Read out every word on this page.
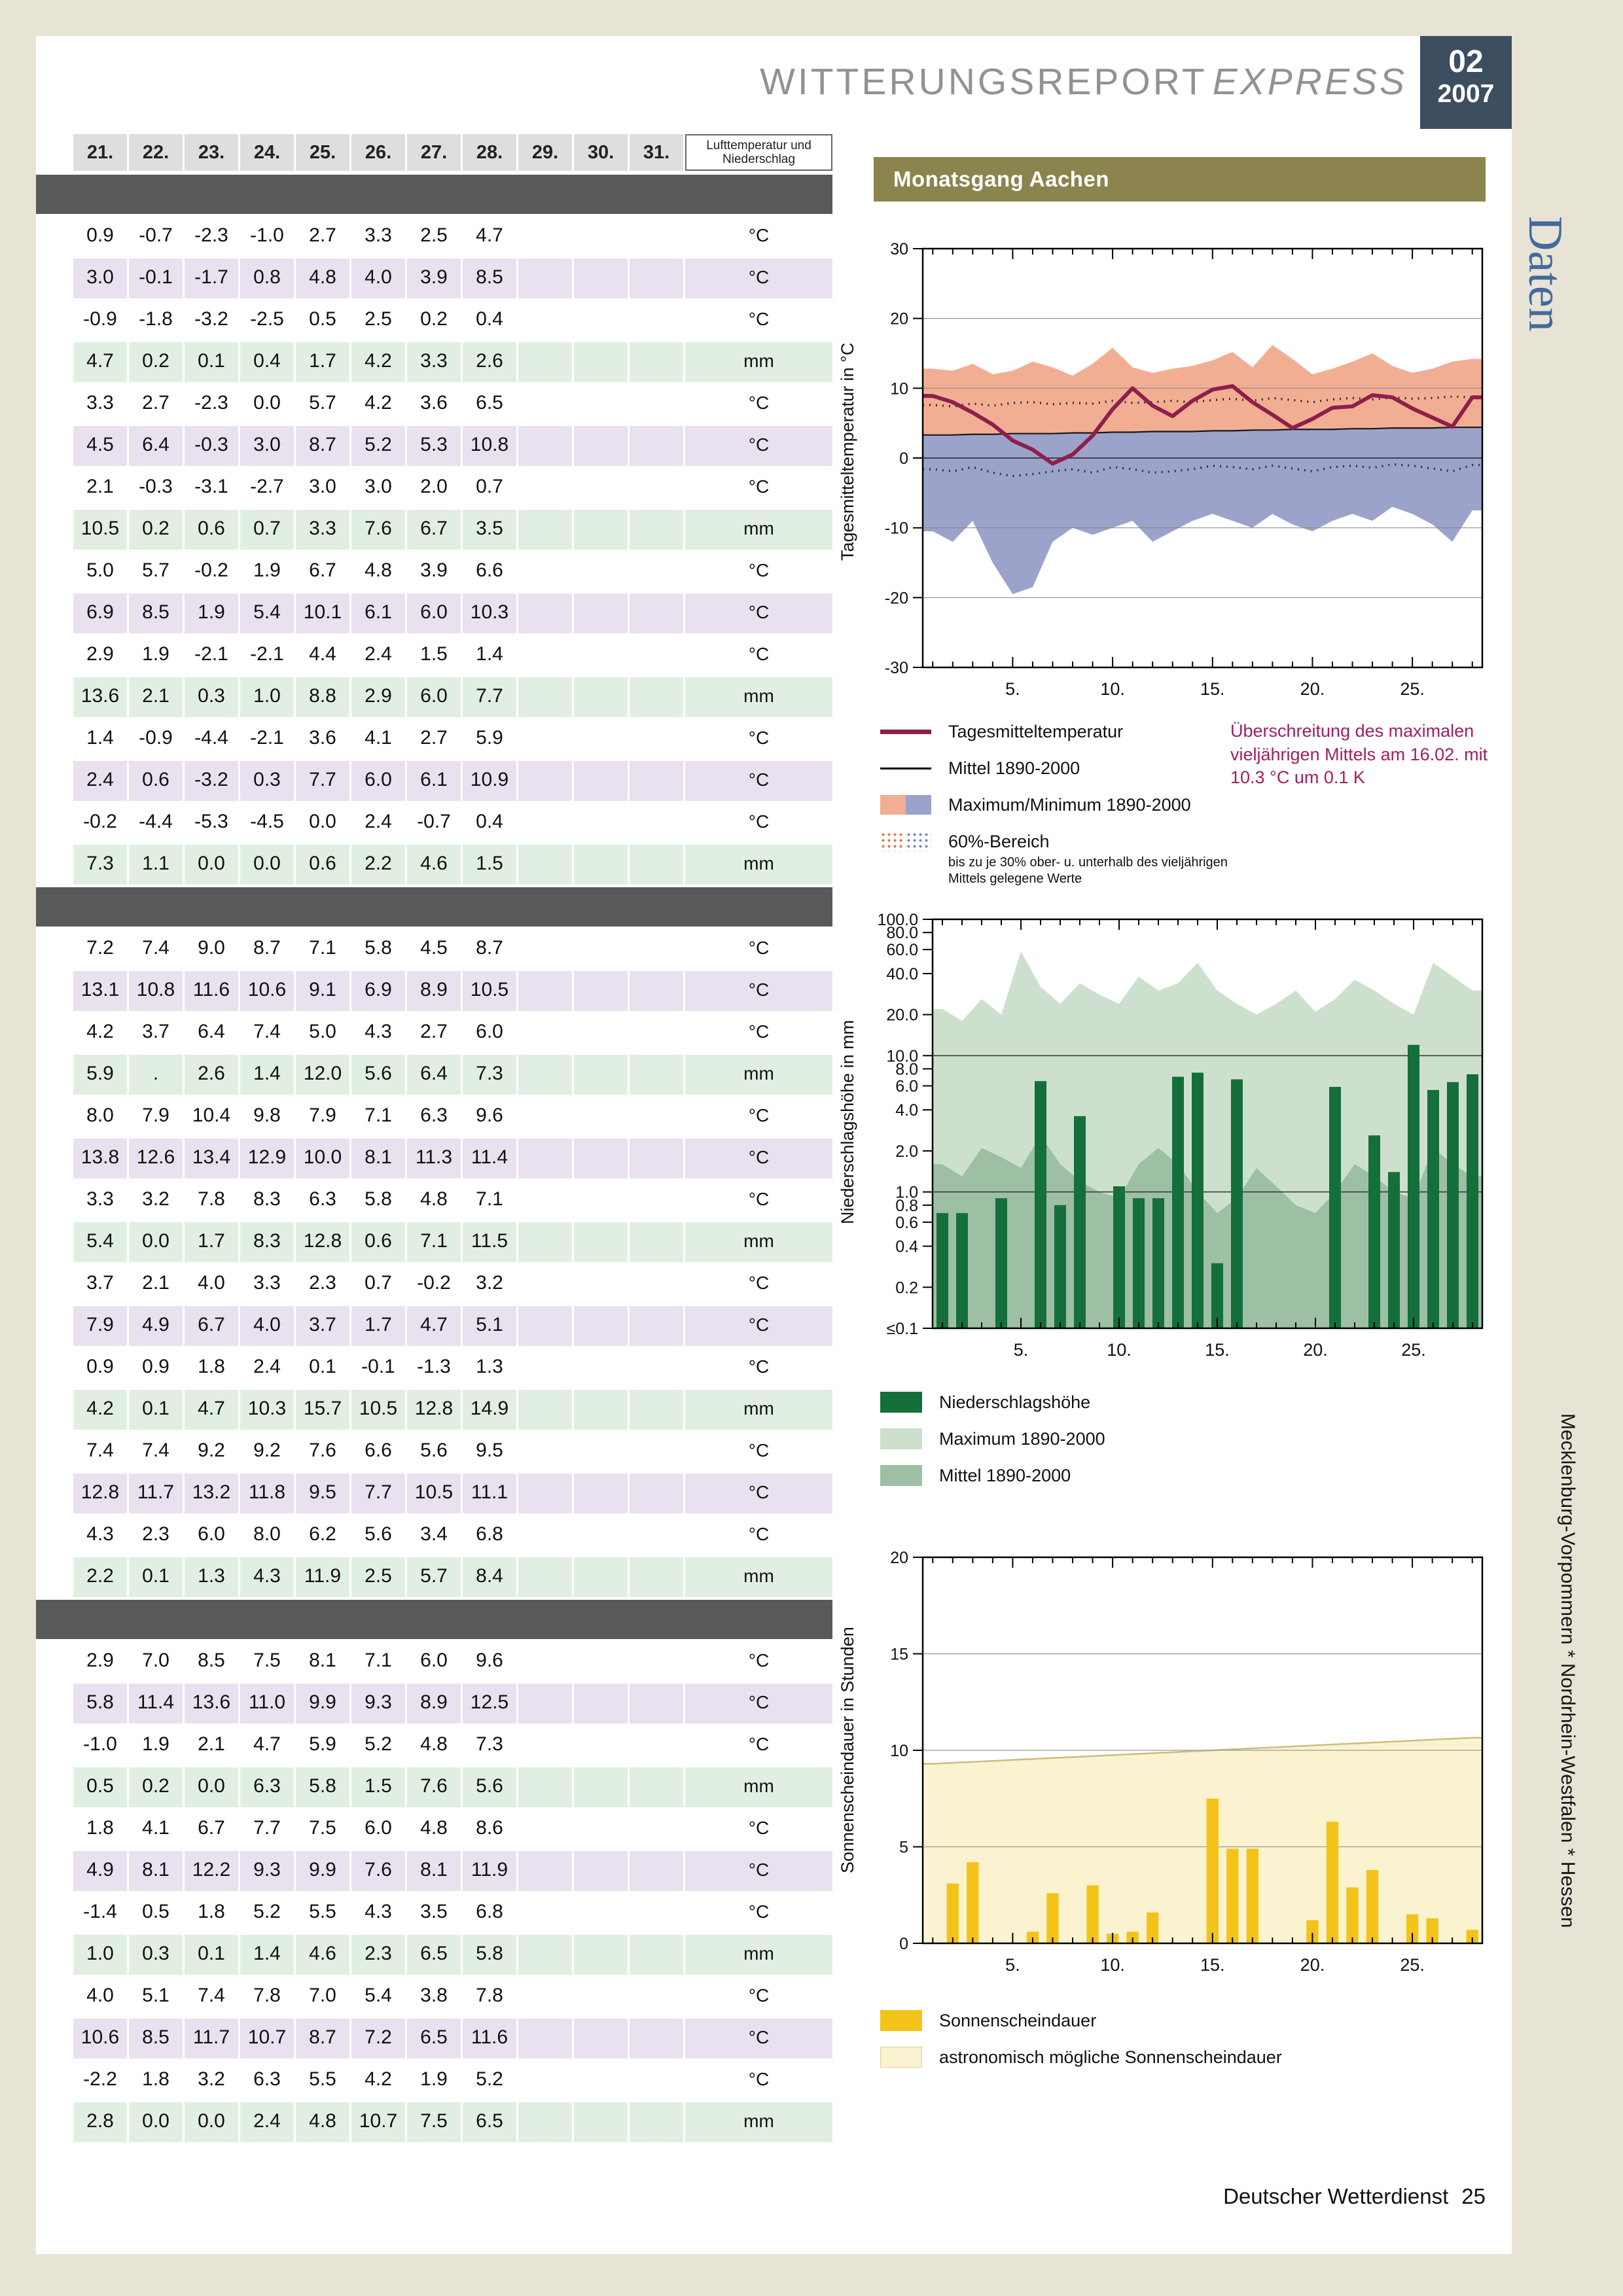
WITTERUNGSREPORT EXPRESS	02
2007
21.	22.	23.	24.	25.	26.	27.	28.	29.	30.	31.	Lufttemperatur und Niederschlag
0.9	-0.7	-2.3	-1.0	2.7	3.3	2.5	4.7	°C
3.0	-0.1	-1.7	0.8	4.8	4.0	3.9	8.5	°C
-0.9	-1.8	-3.2	-2.5	0.5	2.5	0.2	0.4	°C
4.7	0.2	0.1	0.4	1.7	4.2	3.3	2.6	mm
3.3	2.7	-2.3	0.0	5.7	4.2	3.6	6.5	°C
4.5	6.4	-0.3	3.0	8.7	5.2	5.3	10.8	°C
2.1	-0.3	-3.1	-2.7	3.0	3.0	2.0	0.7	°C
10.5	0.2	0.6	0.7	3.3	7.6	6.7	3.5	mm
5.0	5.7	-0.2	1.9	6.7	4.8	3.9	6.6	°C
6.9	8.5	1.9	5.4	10.1	6.1	6.0	10.3	°C
2.9	1.9	-2.1	-2.1	4.4	2.4	1.5	1.4	°C
13.6	2.1	0.3	1.0	8.8	2.9	6.0	7.7	mm
1.4	-0.9	-4.4	-2.1	3.6	4.1	2.7	5.9	°C
2.4	0.6	-3.2	0.3	7.7	6.0	6.1	10.9	°C
-0.2	-4.4	-5.3	-4.5	0.0	2.4	-0.7	0.4	°C
7.3	1.1	0.0	0.0	0.6	2.2	4.6	1.5	mm
7.2	7.4	9.0	8.7	7.1	5.8	4.5	8.7	°C
13.1 10.8 11.6 10.6	9.1	6.9	8.9	10.5	°C
4.2	3.7	6.4	7.4	5.0	4.3	2.7	6.0	°C
5.9	.	2.6	1.4	12.0	5.6	6.4	7.3	mm
8.0	7.9	10.4	9.8	7.9	7.1	6.3	9.6	°C
13.8 12.6 13.4 12.9 10.0	8.1	11.3 11.4	°C
3.3	3.2	7.8	8.3	6.3	5.8	4.8	7.1	°C
5.4	0.0	1.7	8.3	12.8	0.6	7.1	11.5	mm
3.7	2.1	4.0	3.3	2.3	0.7	-0.2	3.2	°C
7.9	4.9	6.7	4.0	3.7	1.7	4.7	5.1	°C
0.9	0.9	1.8	2.4	0.1	-0.1	-1.3	1.3	°C
4.2	0.1	4.7	10.3 15.7 10.5 12.8 14.9	mm
7.4	7.4	9.2	9.2	7.6	6.6	5.6	9.5	°C
12.8 11.7 13.2 11.8	9.5	7.7	10.5 11.1	°C
4.3	2.3	6.0	8.0	6.2	5.6	3.4	6.8	°C
2.2	0.1	1.3	4.3	11.9	2.5	5.7	8.4	mm
2.9	7.0	8.5	7.5	8.1	7.1	6.0	9.6	°C
5.8	11.4 13.6 11.0	9.9	9.3	8.9	12.5	°C
-1.0	1.9	2.1	4.7	5.9	5.2	4.8	7.3	°C
0.5	0.2	0.0	6.3	5.8	1.5	7.6	5.6	mm
1.8	4.1	6.7	7.7	7.5	6.0	4.8	8.6	°C
4.9	8.1	12.2	9.3	9.9	7.6	8.1	11.9	°C
-1.4	0.5	1.8	5.2	5.5	4.3	3.5	6.8	°C
1.0	0.3	0.1	1.4	4.6	2.3	6.5	5.8	mm
4.0	5.1	7.4	7.8	7.0	5.4	3.8	7.8	°C
10.6	8.5	11.7 10.7	8.7	7.2	6.5	11.6	°C
-2.2	1.8	3.2	6.3	5.5	4.2	1.9	5.2	°C
2.8	0.0	0.0	2.4	4.8	10.7	7.5	6.5	mm
Monatsgang Aachen
Tagesmitteltemperatur in °C
30
20
10
0
-10
-20
-30
5.	10.	15.	20.	25.
Tagesmitteltemperatur
Mittel 1890-2000
Maximum/Minimum 1890-2000
60%-Bereich
bis zu je 30% ober- u. unterhalb des vieljährigen Mittels gelegene Werte
Überschreitung des maximalen vieljährigen Mittels am 16.02. mit 10.3 °C um 0.1 K
Niederschlagshöhe in mm
100.0
80.0
60.0
40.0
20.0
10.0
8.0
6.0
4.0
2.0
1.0
0.8
0.6
0.4
0.2
≤0.1
5.	10.	15.	20.	25.
Niederschlagshöhe
Maximum 1890-2000
Mittel 1890-2000
Sonnenscheindauer in Stunden
20
15
10
5
0
5.	10.	15.	20.	25.
Sonnenscheindauer
astronomisch mögliche Sonnenscheindauer
Deutscher Wetterdienst 25
Daten
Mecklenburg-Vorpommern * Nordrhein-Westfalen * Hessen
